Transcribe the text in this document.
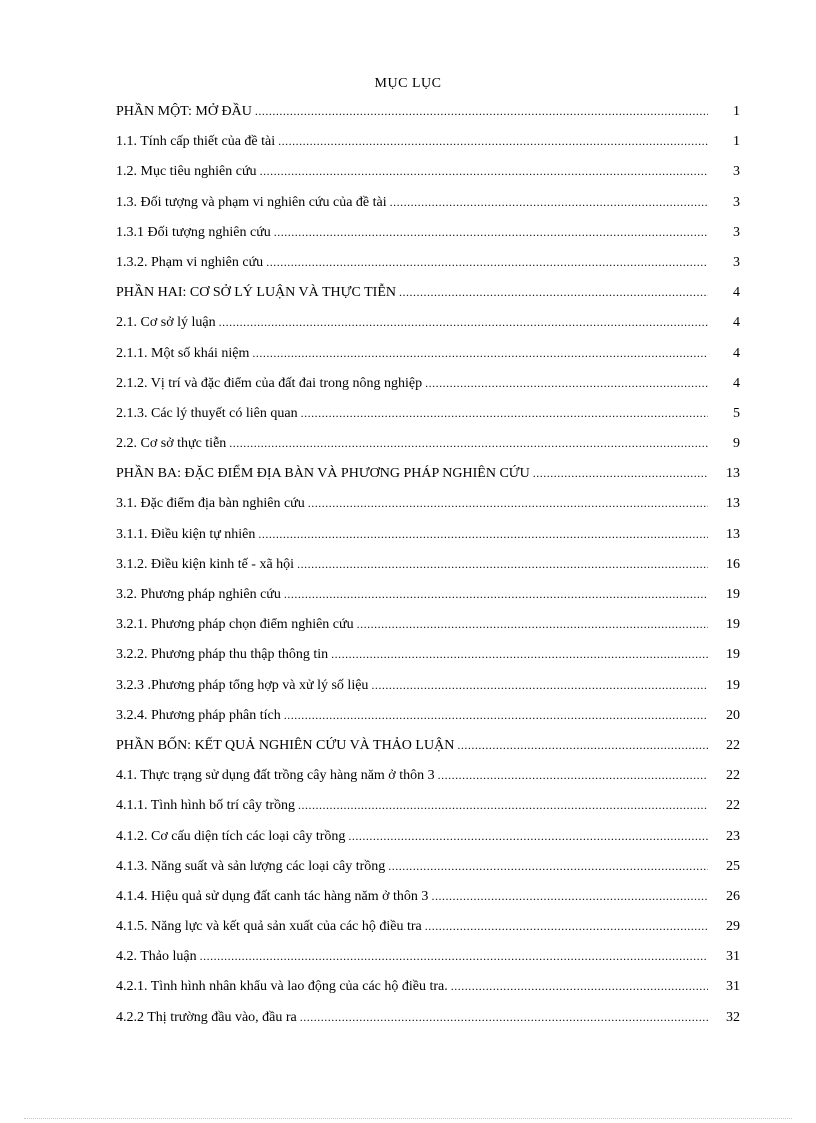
MỤC LỤC
PHẦN MỘT: MỞ ĐẦU .....	1
1.1. Tính cấp thiết của đề tài .....	1
1.2. Mục tiêu nghiên cứu .....	3
1.3. Đối tượng và phạm vi nghiên cứu của đề tài .....	3
1.3.1 Đối tượng nghiên cứu .....	3
1.3.2. Phạm vi nghiên cứu .....	3
PHẦN HAI: CƠ SỞ LÝ LUẬN VÀ THỰC TIỄN .....	4
2.1. Cơ sở lý luận .....	4
2.1.1. Một số khái niệm .....	4
2.1.2. Vị trí và đặc điểm của đất đai trong nông nghiệp .....	4
2.1.3. Các lý thuyết có liên quan .....	5
2.2. Cơ sở thực tiễn .....	9
PHẦN BA: ĐẶC ĐIỂM ĐỊA BÀN VÀ PHƯƠNG PHÁP NGHIÊN CỨU .....	13
3.1. Đặc điểm địa bàn nghiên cứu .....	13
3.1.1. Điều kiện tự nhiên .....	13
3.1.2. Điều kiện kinh tế - xã hội .....	16
3.2. Phương pháp nghiên cứu .....	19
3.2.1. Phương pháp chọn điểm nghiên cứu .....	19
3.2.2. Phương pháp thu thập thông tin .....	19
3.2.3 .Phương pháp tổng hợp và xử lý số liệu .....	19
3.2.4. Phương pháp phân tích .....	20
PHẦN BỐN: KẾT QUẢ NGHIÊN CỨU VÀ THẢO LUẬN .....	22
4.1. Thực trạng sử dụng đất trồng cây hàng năm ở thôn 3 .....	22
4.1.1. Tình hình bố trí cây trồng .....	22
4.1.2. Cơ cấu diện tích các loại cây trồng .....	23
4.1.3. Năng suất và sản lượng các loại cây trồng .....	25
4.1.4. Hiệu quả sử dụng đất canh tác hàng năm ở thôn 3 .....	26
4.1.5. Năng lực và kết quả sản xuất của các hộ điều tra .....	29
4.2. Thảo luận .....	31
4.2.1. Tình hình nhân khẩu và lao động của các hộ điều tra. .....	31
4.2.2 Thị trường đầu vào, đầu ra .....	32
